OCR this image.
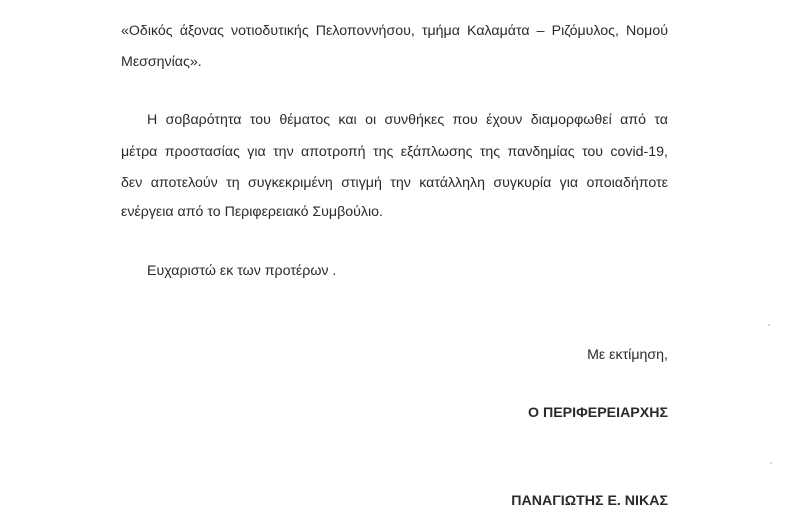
«Οδικός άξονας νοτιοδυτικής Πελοποννήσου, τμήμα Καλαμάτα – Ριζόμυλος, Νομού
Μεσσηνίας».
Η σοβαρότητα του θέματος και οι συνθήκες που έχουν διαμορφωθεί από τα
μέτρα προστασίας για την αποτροπή της εξάπλωσης της πανδημίας του covid-19,
δεν αποτελούν τη συγκεκριμένη στιγμή την κατάλληλη συγκυρία για οποιαδήποτε
ενέργεια από το Περιφερειακό Συμβούλιο.
Ευχαριστώ εκ των προτέρων .
Με εκτίμηση,
Ο ΠΕΡΙΦΕΡΕΙΑΡΧΗΣ
ΠΑΝΑΓΙΩΤΗΣ Ε. ΝΙΚΑΣ
